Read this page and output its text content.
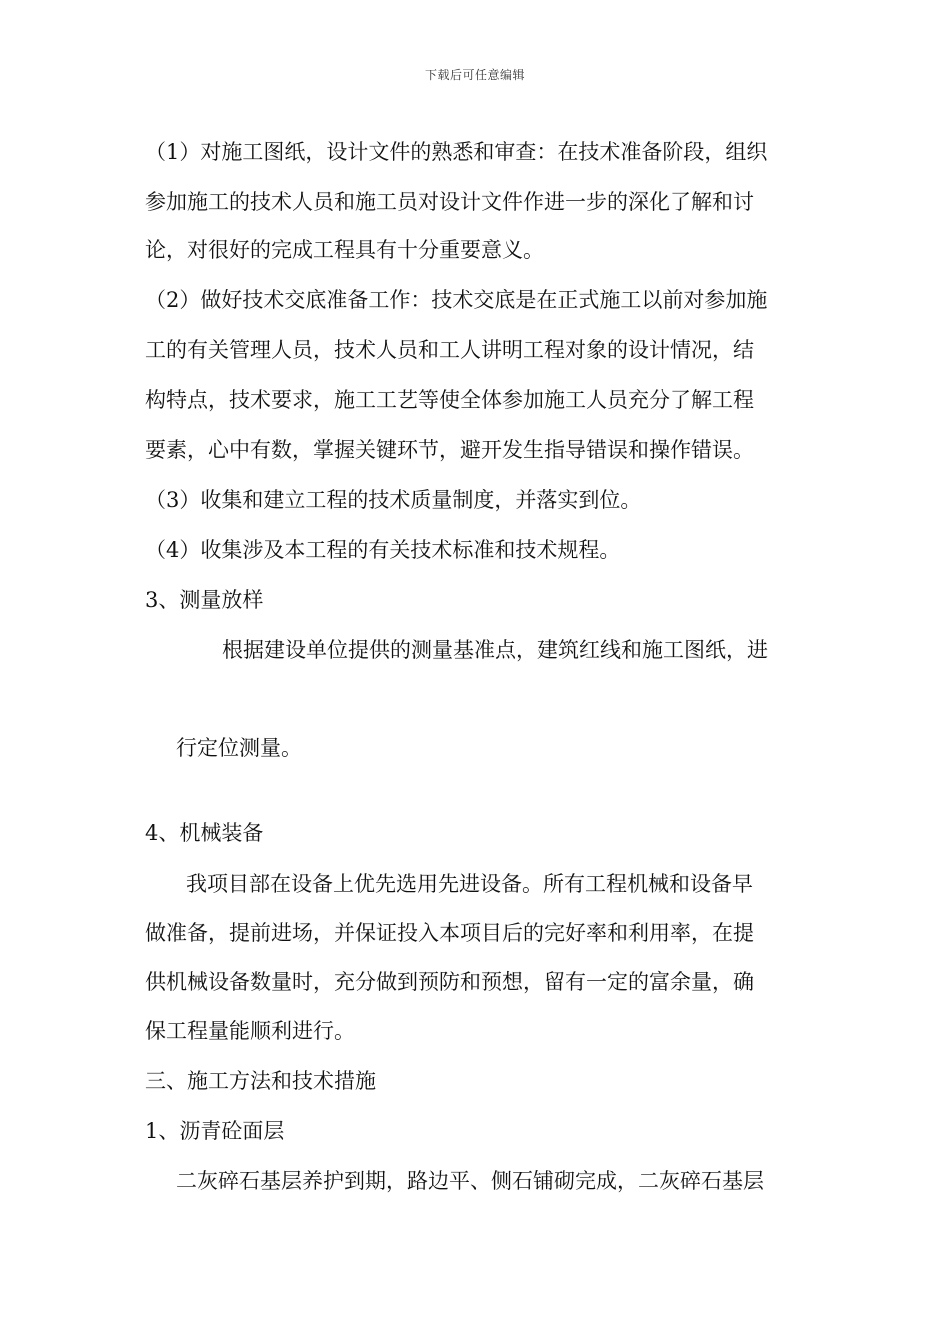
下载后可任意编辑
（1）对施工图纸，设计文件的熟悉和审查：在技术准备阶段，组织
参加施工的技术人员和施工员对设计文件作进一步的深化了解和讨
论，对很好的完成工程具有十分重要意义。
（2）做好技术交底准备工作：技术交底是在正式施工以前对参加施
工的有关管理人员，技术人员和工人讲明工程对象的设计情况，结
构特点，技术要求，施工工艺等使全体参加施工人员充分了解工程
要素，心中有数，掌握关键环节，避开发生指导错误和操作错误。
（3）收集和建立工程的技术质量制度，并落实到位。
（4）收集涉及本工程的有关技术标准和技术规程。
3、测量放样
根据建设单位提供的测量基准点，建筑红线和施工图纸，进
行定位测量。
4、机械装备
我项目部在设备上优先选用先进设备。所有工程机械和设备早
做准备，提前进场，并保证投入本项目后的完好率和利用率，在提
供机械设备数量时，充分做到预防和预想，留有一定的富余量，确
保工程量能顺利进行。
三、施工方法和技术措施
1、沥青砼面层
二灰碎石基层养护到期，路边平、侧石铺砌完成，二灰碎石基层
